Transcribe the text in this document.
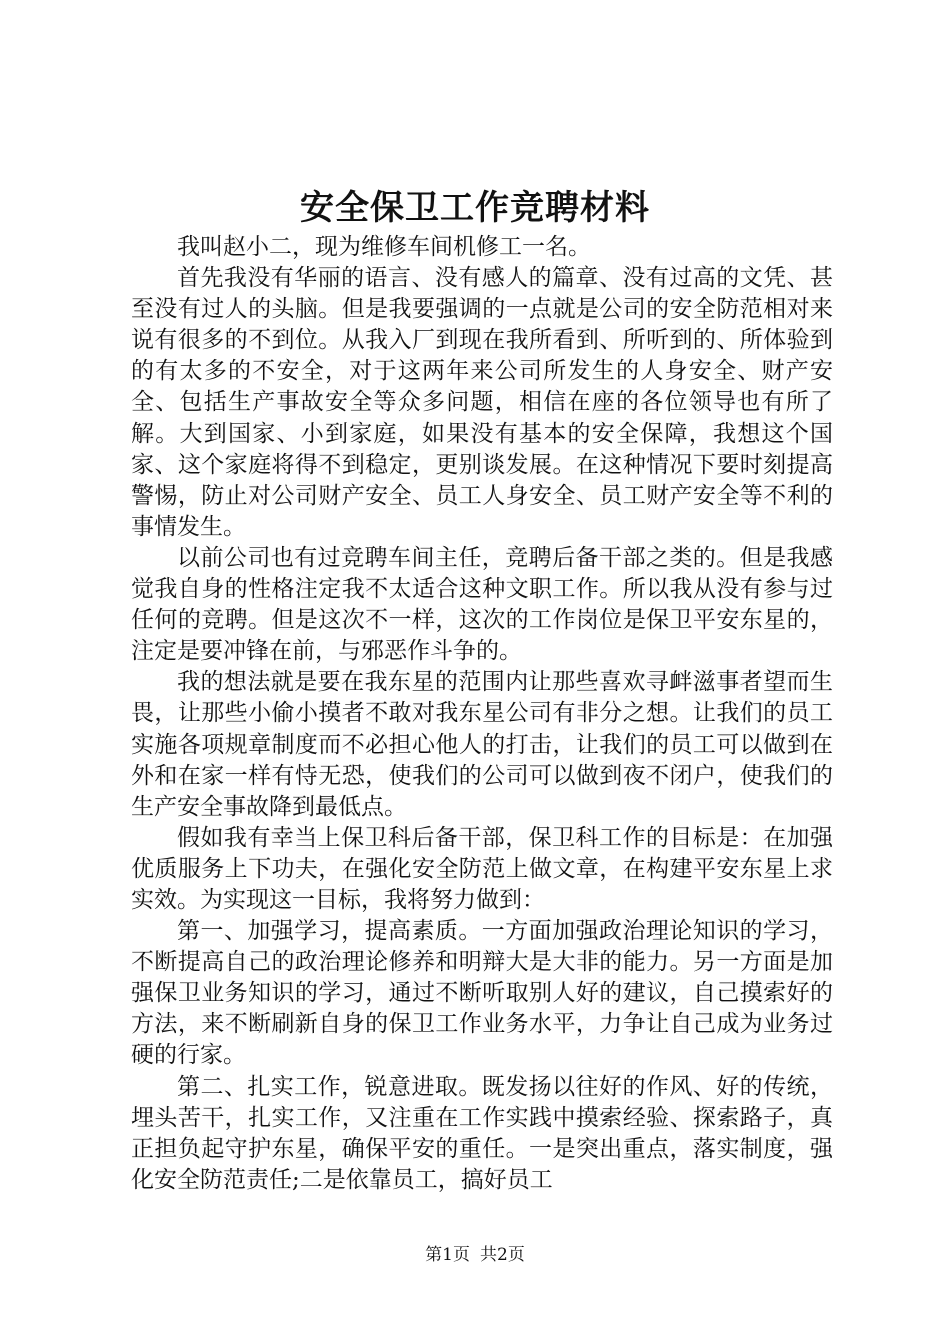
安全保卫工作竞聘材料

我叫赵小二，现为维修车间机修工一名。

首先我没有华丽的语言、没有感人的篇章、没有过高的文凭、甚至没有过人的头脑。但是我要强调的一点就是公司的安全防范相对来说有很多的不到位。从我入厂到现在我所看到、所听到的、所体验到的有太多的不安全，对于这两年来公司所发生的人身安全、财产安全、包括生产事故安全等众多问题，相信在座的各位领导也有所了解。大到国家、小到家庭，如果没有基本的安全保障，我想这个国家、这个家庭将得不到稳定，更别谈发展。在这种情况下要时刻提高警惕，防止对公司财产安全、员工人身安全、员工财产安全等不利的事情发生。

以前公司也有过竞聘车间主任，竞聘后备干部之类的。但是我感觉我自身的性格注定我不太适合这种文职工作。所以我从没有参与过任何的竞聘。但是这次不一样，这次的工作岗位是保卫平安东星的，注定是要冲锋在前，与邪恶作斗争的。

我的想法就是要在我东星的范围内让那些喜欢寻衅滋事者望而生畏，让那些小偷小摸者不敢对我东星公司有非分之想。让我们的员工实施各项规章制度而不必担心他人的打击，让我们的员工可以做到在外和在家一样有恃无恐，使我们的公司可以做到夜不闭户，使我们的生产安全事故降到最低点。

假如我有幸当上保卫科后备干部，保卫科工作的目标是：在加强优质服务上下功夫，在强化安全防范上做文章，在构建平安东星上求实效。为实现这一目标，我将努力做到：

第一、加强学习，提高素质。一方面加强政治理论知识的学习，不断提高自己的政治理论修养和明辩大是大非的能力。另一方面是加强保卫业务知识的学习，通过不断听取别人好的建议，自己摸索好的方法，来不断刷新自身的保卫工作业务水平，力争让自己成为业务过硬的行家。

第二、扎实工作，锐意进取。既发扬以往好的作风、好的传统，埋头苦干，扎实工作，又注重在工作实践中摸索经验、探索路子，真正担负起守护东星，确保平安的重任。一是突出重点，落实制度，强化安全防范责任;二是依靠员工，搞好员工

第1页 共2页
